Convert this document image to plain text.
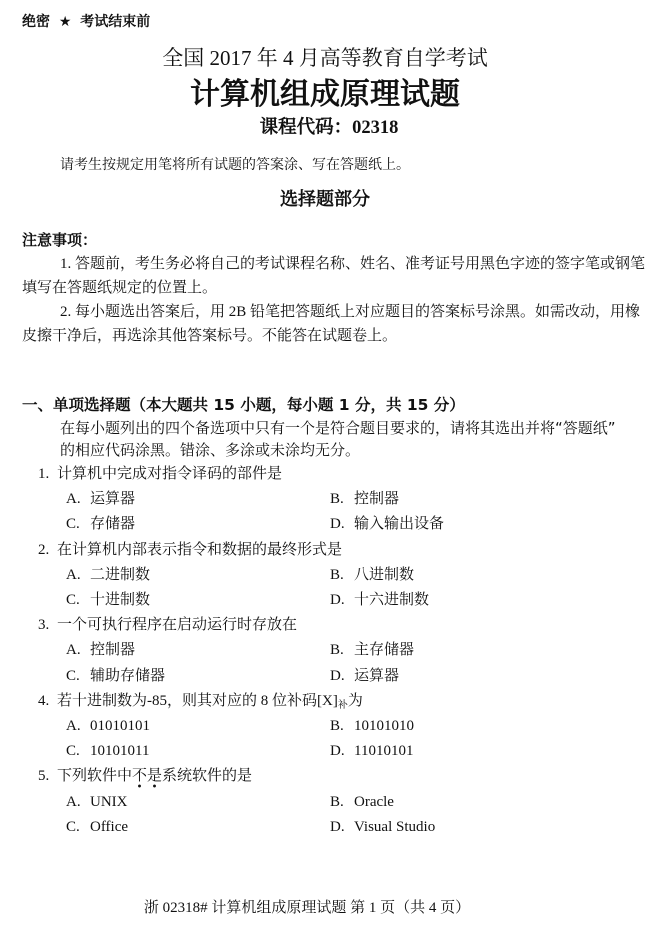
绝密 ★ 考试结束前
全国 2017 年 4 月高等教育自学考试
计算机组成原理试题
课程代码：02318
请考生按规定用笔将所有试题的答案涂、写在答题纸上。
选择题部分
注意事项：
1. 答题前，考生务必将自己的考试课程名称、姓名、准考证号用黑色字迹的签字笔或钢笔
填写在答题纸规定的位置上。
2. 每小题选出答案后，用 2B 铅笔把答题纸上对应题目的答案标号涂黑。如需改动，用橡
皮擦干净后，再选涂其他答案标号。不能答在试题卷上。
一、单项选择题（本大题共 15 小题，每小题 1 分，共 15 分）
在每小题列出的四个备选项中只有一个是符合题目要求的，请将其选出并将“答题纸”
的相应代码涂黑。错涂、多涂或未涂均无分。
1. 计算机中完成对指令译码的部件是
A. 运算器	B. 控制器
C. 存储器	D. 输入输出设备
2. 在计算机内部表示指令和数据的最终形式是
A. 二进制数	B. 八进制数
C. 十进制数	D. 十六进制数
3. 一个可执行程序在启动运行时存放在
A. 控制器	B. 主存储器
C. 辅助存储器	D. 运算器
4. 若十进制数为-85，则其对应的 8 位补码$[X]_补$为
A. 01010101	B. 10101010
C. 10101011	D. 11010101
5. 下列软件中不是系统软件的是
A. UNIX	B. Oracle
C. Office	D. Visual Studio
浙 02318# 计算机组成原理试题 第 1 页（共 4 页）
